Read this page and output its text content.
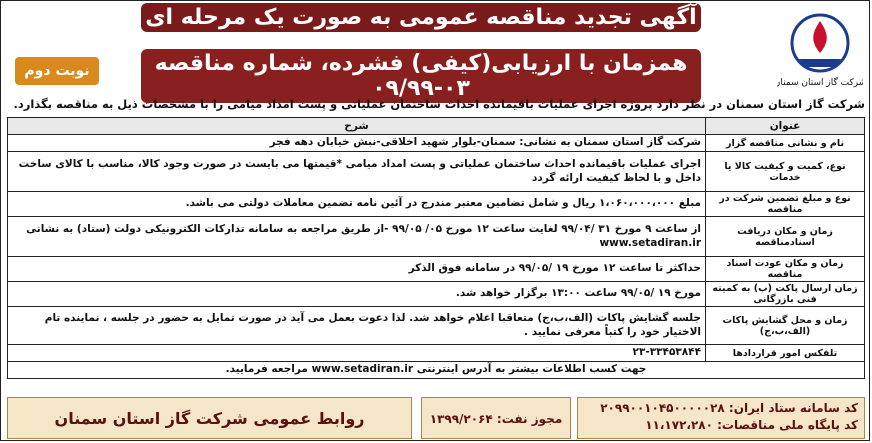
آگهی تجدید مناقصه عمومی به صورت یک مرحله ای
همزمان با ارزیابی(کیفی) فشرده، شماره مناقصه ۰۳-۰۹/۹۹	شرکت گاز استان سمنان
نوبت دوم
شرکت گاز استان سمنان در نظر دارد پروژه اجرای عملیات باقیمانده احداث ساختمان عملیاتی و پست امداد میامی را با مشخصات ذیل به مناقصه بگذارد.
عنوان	شرح
نام و نشانی مناقصه گزار	شرکت گاز استان سمنان به نشانی: سمنان-بلوار شهید اخلاقی-نبش خیابان دهه فجر
نوع، کمیت و کیفیت کالا یا خدمات	اجرای عملیات باقیمانده احداث ساختمان عملیاتی و پست امداد میامی *قیمتها می بایست در صورت وجود کالا، مناسب با کالای ساخت داخل و با لحاظ کیفیت ارائه گردد
نوع و مبلغ تضمین شرکت در مناقصه	مبلغ ۱،۰۶۰،۰۰۰،۰۰۰ ریال و شامل تضامین معتبر مندرج در آئین نامه تضمین معاملات دولتی می باشد.
زمان و مکان دریافت اسنادمناقصه	از ساعت ۹ مورخ ۳۱ /۹۹/۰۴ لغایت ساعت ۱۲ مورخ ۰۵/ ۹۹/۰۵ -از طریق مراجعه به سامانه تدارکات الکترونیکی دولت (ستاد) به نشانی www.setadiran.ir
زمان و مکان عودت اسناد مناقصه	حداکثر تا ساعت ۱۲ مورخ ۱۹ /۹۹/۰۵ در سامانه فوق الذکر
زمان ارسال پاکت (ب) به کمیته فنی بازرگانی	مورخ ۱۹ /۹۹/۰۵ ساعت ۱۳:۰۰ برگزار خواهد شد.
زمان و محل گشایش پاکات (الف،ب،ج)	جلسه گشایش پاکات (الف،ب،ج) متعاقبا اعلام خواهد شد. لذا دعوت بعمل می آید در صورت تمایل به حضور در جلسه ، نماینده تام الاختیار خود را کتباً معرفی نمایید .
تلفکس امور قراردادها	۲۳-۳۳۴۵۳۸۴۴
جهت کسب اطلاعات بیشتر به آدرس اینترنتی www.setadiran.ir مراجعه فرمایید.	
کد سامانه ستاد ایران: ۲۰۹۹۰۰۱۰۴۵۰۰۰۰۰۲۸
کد پایگاه ملی مناقصات: ۱۱،۱۷۲،۲۸۰
مجوز نفت: ۱۳۹۹/۲۰۶۴
روابط عمومی شرکت گاز استان سمنان
